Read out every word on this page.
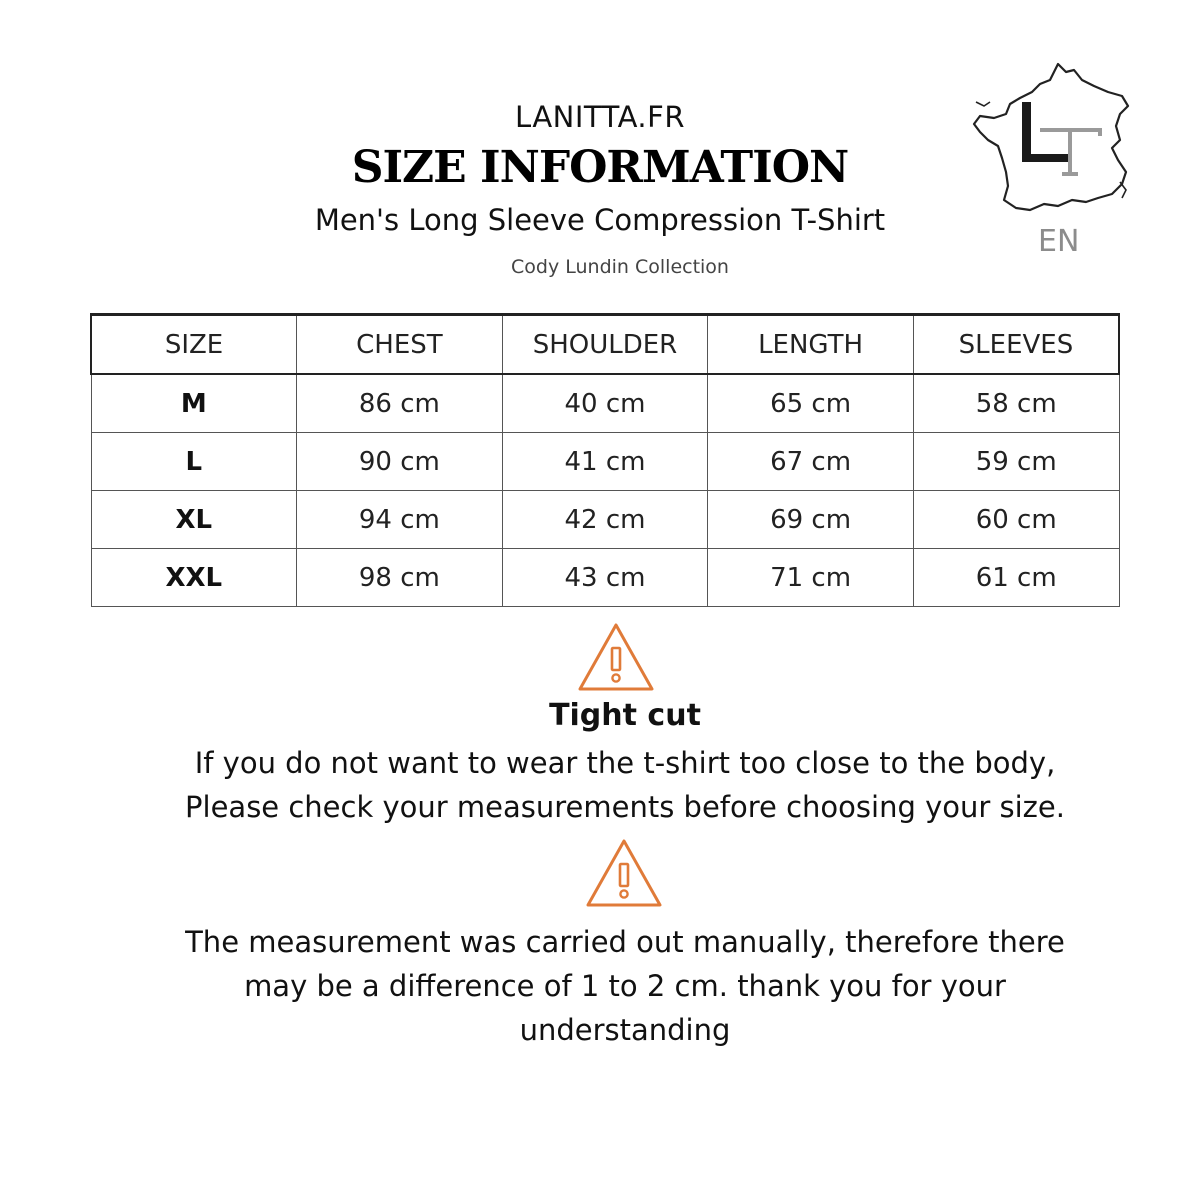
LANITTA.FR
SIZE INFORMATION
Men's Long Sleeve Compression T-Shirt
Cody Lundin Collection
EN
SIZE	CHEST	SHOULDER	LENGTH	SLEEVES
M	86 cm	40 cm	65 cm	58 cm
L	90 cm	41 cm	67 cm	59 cm
XL	94 cm	42 cm	69 cm	60 cm
XXL	98 cm	43 cm	71 cm	61 cm
Tight cut
If you do not want to wear the t-shirt too close to the body,
Please check your measurements before choosing your size.
The measurement was carried out manually, therefore there
may be a difference of 1 to 2 cm. thank you for your
understanding
